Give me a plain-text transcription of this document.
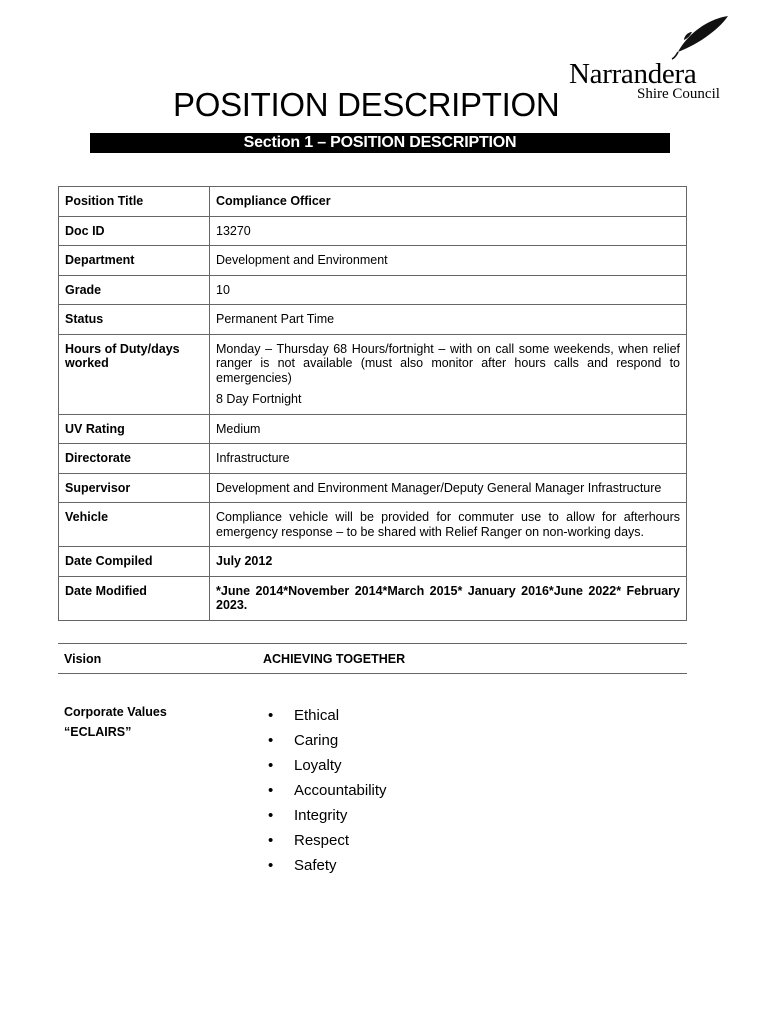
Narrandera
Shire Council
POSITION DESCRIPTION
Section 1 – POSITION DESCRIPTION
Position Title	Compliance Officer
Doc ID	13270
Department	Development and Environment
Grade	10
Status	Permanent Part Time
Hours of Duty/days worked	Monday – Thursday 68 Hours/fortnight – with on call some weekends, when relief ranger is not available (must also monitor after hours calls and respond to emergencies)
8 Day Fortnight

UV Rating	Medium
Directorate	Infrastructure
Supervisor	Development and Environment Manager/Deputy General Manager Infrastructure
Vehicle	Compliance vehicle will be provided for commuter use to allow for afterhours emergency response – to be shared with Relief Ranger on non-working days.
Date Compiled	July 2012
Date Modified	*June 2014*November 2014*March 2015* January 2016*June 2022* February 2023.
Vision	ACHIEVING TOGETHER
Corporate Values
“ECLAIRS”
• Ethical
• Caring
• Loyalty
• Accountability
• Integrity
• Respect
• Safety
